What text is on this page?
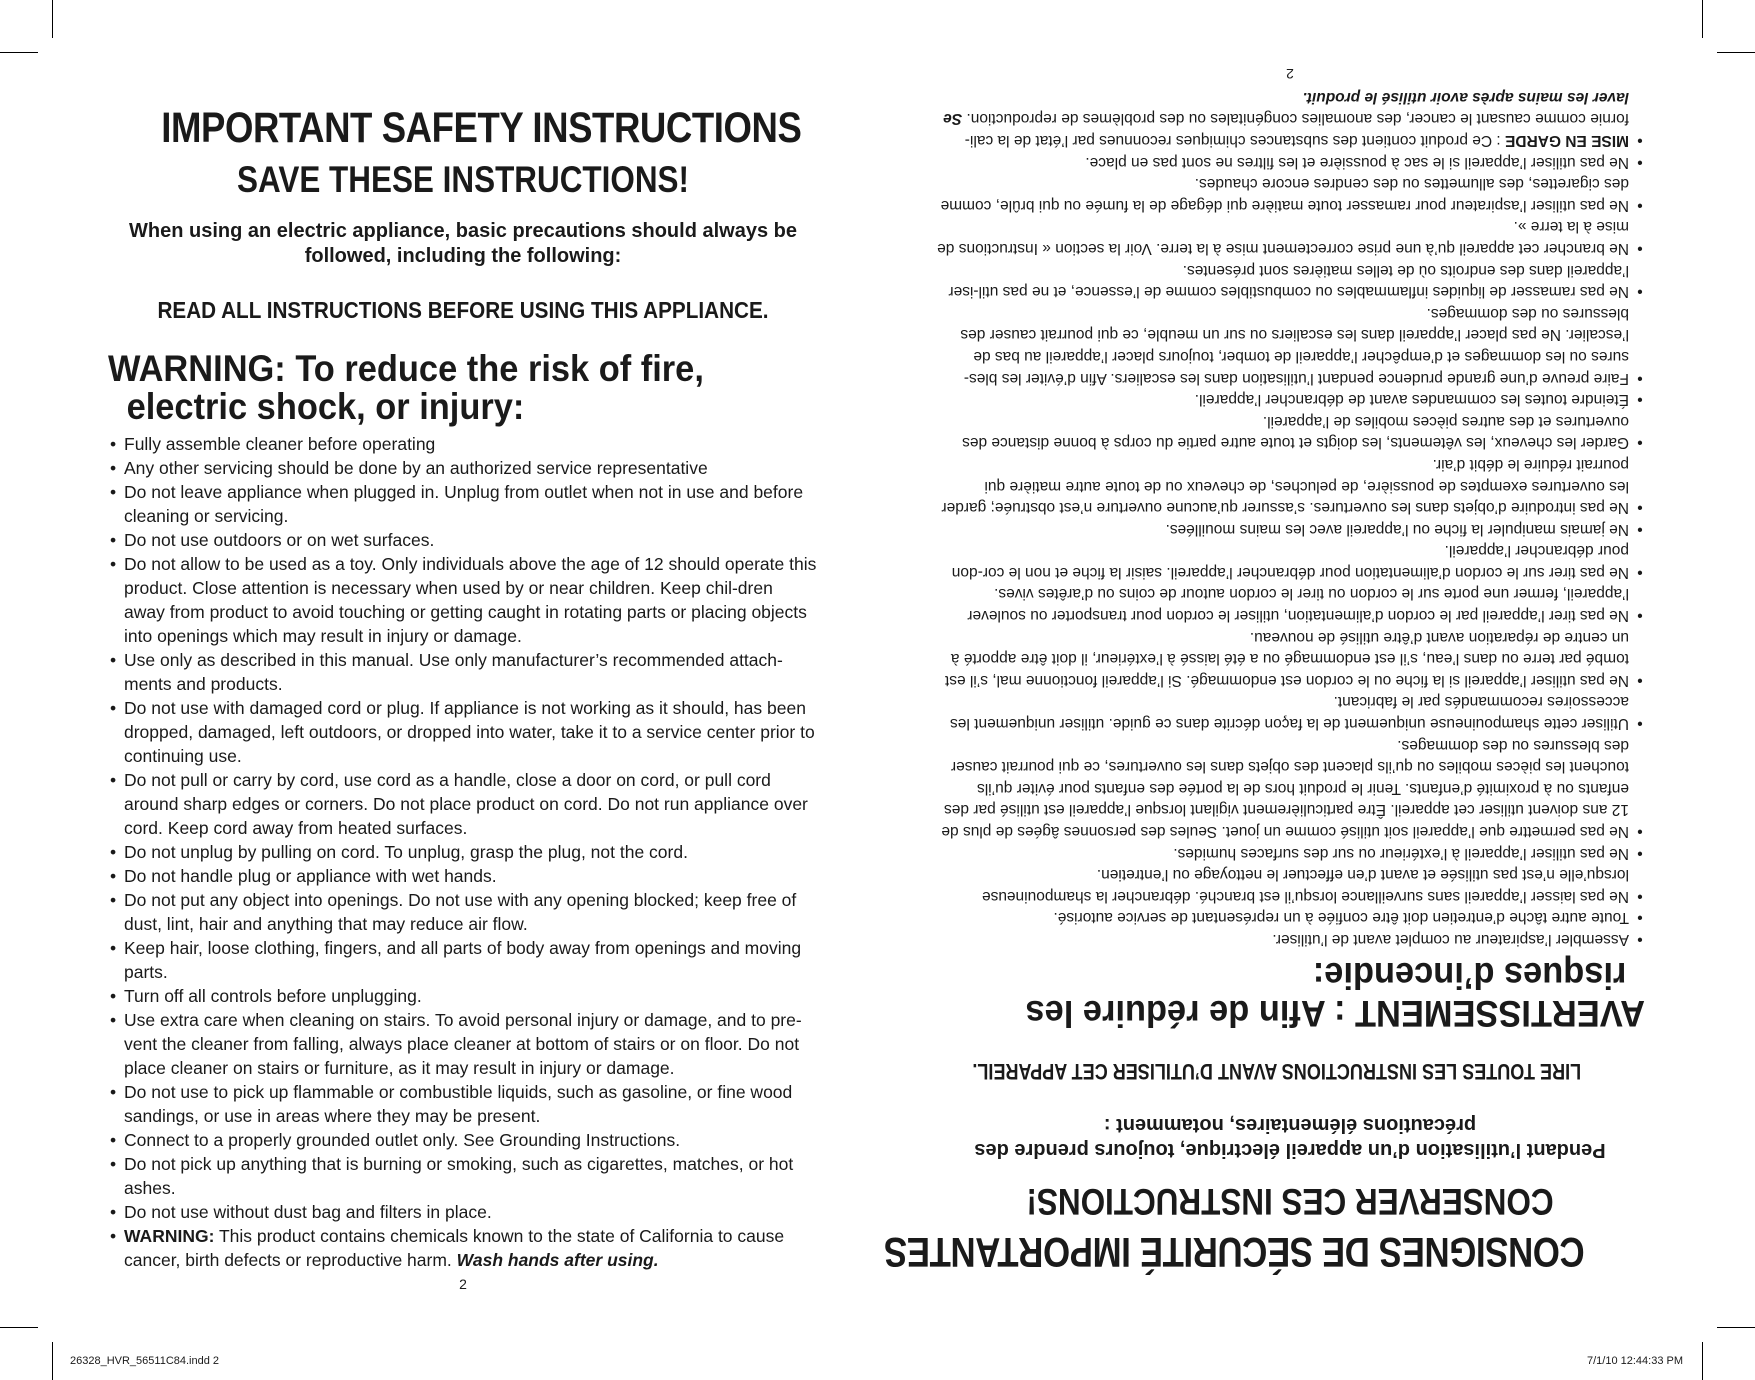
IMPORTANT SAFETY INSTRUCTIONS
SAVE THESE INSTRUCTIONS!
When using an electric appliance, basic precautions should always be followed, including the following:
READ ALL INSTRUCTIONS BEFORE USING THIS APPLIANCE.
WARNING: To reduce the risk of fire,
electric shock, or injury:
• Fully assemble cleaner before operating
• Any other servicing should be done by an authorized service representative
• Do not leave appliance when plugged in. Unplug from outlet when not in use and before cleaning or servicing.
• Do not use outdoors or on wet surfaces.
• Do not allow to be used as a toy. Only individuals above the age of 12 should operate this product. Close attention is necessary when used by or near children. Keep chil-dren away from product to avoid touching or getting caught in rotating parts or placing objects into openings which may result in injury or damage.
• Use only as described in this manual. Use only manufacturer’s recommended attach-ments and products.
• Do not use with damaged cord or plug. If appliance is not working as it should, has been dropped, damaged, left outdoors, or dropped into water, take it to a service center prior to continuing use.
• Do not pull or carry by cord, use cord as a handle, close a door on cord, or pull cord around sharp edges or corners. Do not place product on cord. Do not run appliance over cord. Keep cord away from heated surfaces.
• Do not unplug by pulling on cord. To unplug, grasp the plug, not the cord.
• Do not handle plug or appliance with wet hands.
• Do not put any object into openings. Do not use with any opening blocked; keep free of dust, lint, hair and anything that may reduce air flow.
• Keep hair, loose clothing, fingers, and all parts of body away from openings and moving parts.
• Turn off all controls before unplugging.
• Use extra care when cleaning on stairs. To avoid personal injury or damage, and to pre-vent the cleaner from falling, always place cleaner at bottom of stairs or on floor. Do not place cleaner on stairs or furniture, as it may result in injury or damage.
• Do not use to pick up flammable or combustible liquids, such as gasoline, or fine wood sandings, or use in areas where they may be present.
• Connect to a properly grounded outlet only. See Grounding Instructions.
• Do not pick up anything that is burning or smoking, such as cigarettes, matches, or hot ashes.
• Do not use without dust bag and filters in place.
• WARNING: This product contains chemicals known to the state of California to cause cancer, birth defects or reproductive harm. Wash hands after using.
2
CONSIGNES DE SÉCURITÉ IMPORTANTES
CONSERVER CES INSTRUCTIONS!
Pendant l’utilisation d’un appareil électrique, toujours prendre des précautions élémentaires, notamment :
LIRE TOUTES LES INSTRUCTIONS AVANT D’UTILISER CET APPAREIL.
AVERTISSEMENT : Afin de réduire les
risques d’incendie:
● Assembler l’aspirateur au complet avant de l’utiliser.
● Toute autre tâche d’entretien doit être confiée à un représentant de service autorisé.
● Ne pas laisser l’appareil sans surveillance lorsqu’il est branché. débrancher la shampouineuse lorsqu’elle n’est pas utilisée et avant d’en effectuer le nettoyage ou l’entretien.
● Ne pas utiliser l’appareil à l’extérieur ou sur des surfaces humides.
● Ne pas permettre que l’appareil soit utilisé comme un jouet. Seules des personnes âgées de plus de 12 ans doivent utiliser cet appareil. Être particulièrement vigilant lorsque l’appareil est utilisé par des enfants ou à proximité d’enfants. Tenir le produit hors de la portée des enfants pour éviter qu’ils touchent les pièces mobiles ou qu’ils placent des objets dans les ouvertures, ce qui pourrait causer des blessures ou des dommages.
● Utiliser cette shampouineuse uniquement de la façon décrite dans ce guide. utiliser uniquement les accessoires recommandés par le fabricant.
● Ne pas utiliser l’appareil si la fiche ou le cordon est endommagé. Si l’appareil fonctionne mal, s’il est tombé par terre ou dans l’eau, s’il est endommagé ou a été laissé à l’extérieur, il doit être apporté à un centre de réparation avant d’être utilisé de nouveau.
● Ne pas tirer l’appareil par le cordon d’alimentation, utiliser le cordon pour transporter ou soulever l’appareil, fermer une porte sur le cordon ou tirer le cordon autour de coins ou d’arêtes vives.
● Ne pas tirer sur le cordon d’alimentation pour débrancher l’appareil. saisir la fiche et non le cor-don pour débrancher l’appareil.
● Ne jamais manipuler la fiche ou l’appareil avec les mains mouillées.
● Ne pas introduire d’objets dans les ouvertures. s’assurer qu’aucune ouverture n’est obstruée; garder les ouvertures exemptes de poussière, de peluches, de cheveux ou de toute autre matière qui pourrait réduire le débit d’air.
● Garder les cheveux, les vêtements, les doigts et toute autre partie du corps à bonne distance des ouvertures et des autres pièces mobiles de l’appareil.
● Éteindre toutes les commandes avant de débrancher l’appareil.
● Faire preuve d’une grande prudence pendant l’utilisation dans les escaliers. Afin d’éviter les bles-sures ou les dommages et d’empêcher l’appareil de tomber, toujours placer l’appareil au bas de l’escalier. Ne pas placer l’appareil dans les escaliers ou sur un meuble, ce qui pourrait causer des blessures ou des dommages.
● Ne pas ramasser de liquides inflammables ou combustibles comme de l’essence, et ne pas util-iser l’appareil dans des endroits où de telles matières sont présentes.
● Ne brancher cet appareil qu’à une prise correctement mise à la terre. Voir la section « Instructions de mise à la terre ».
● Ne pas utiliser l’aspirateur pour ramasser toute matière qui dégage de la fumée ou qui brûle, comme des cigarettes, des allumettes ou des cendres encore chaudes.
● Ne pas utiliser l’appareil si le sac à poussière et les filtres ne sont pas en place.
● MISE EN GARDE : Ce produit contient des substances chimiques reconnues par l’état de la cali-fornie comme causant le cancer, des anomalies congénitales ou des problèmes de reproduction. Se laver les mains après avoir utilisé le produit.
2
26328_HVR_56511C84.indd 2	7/1/10 12:44:33 PM
